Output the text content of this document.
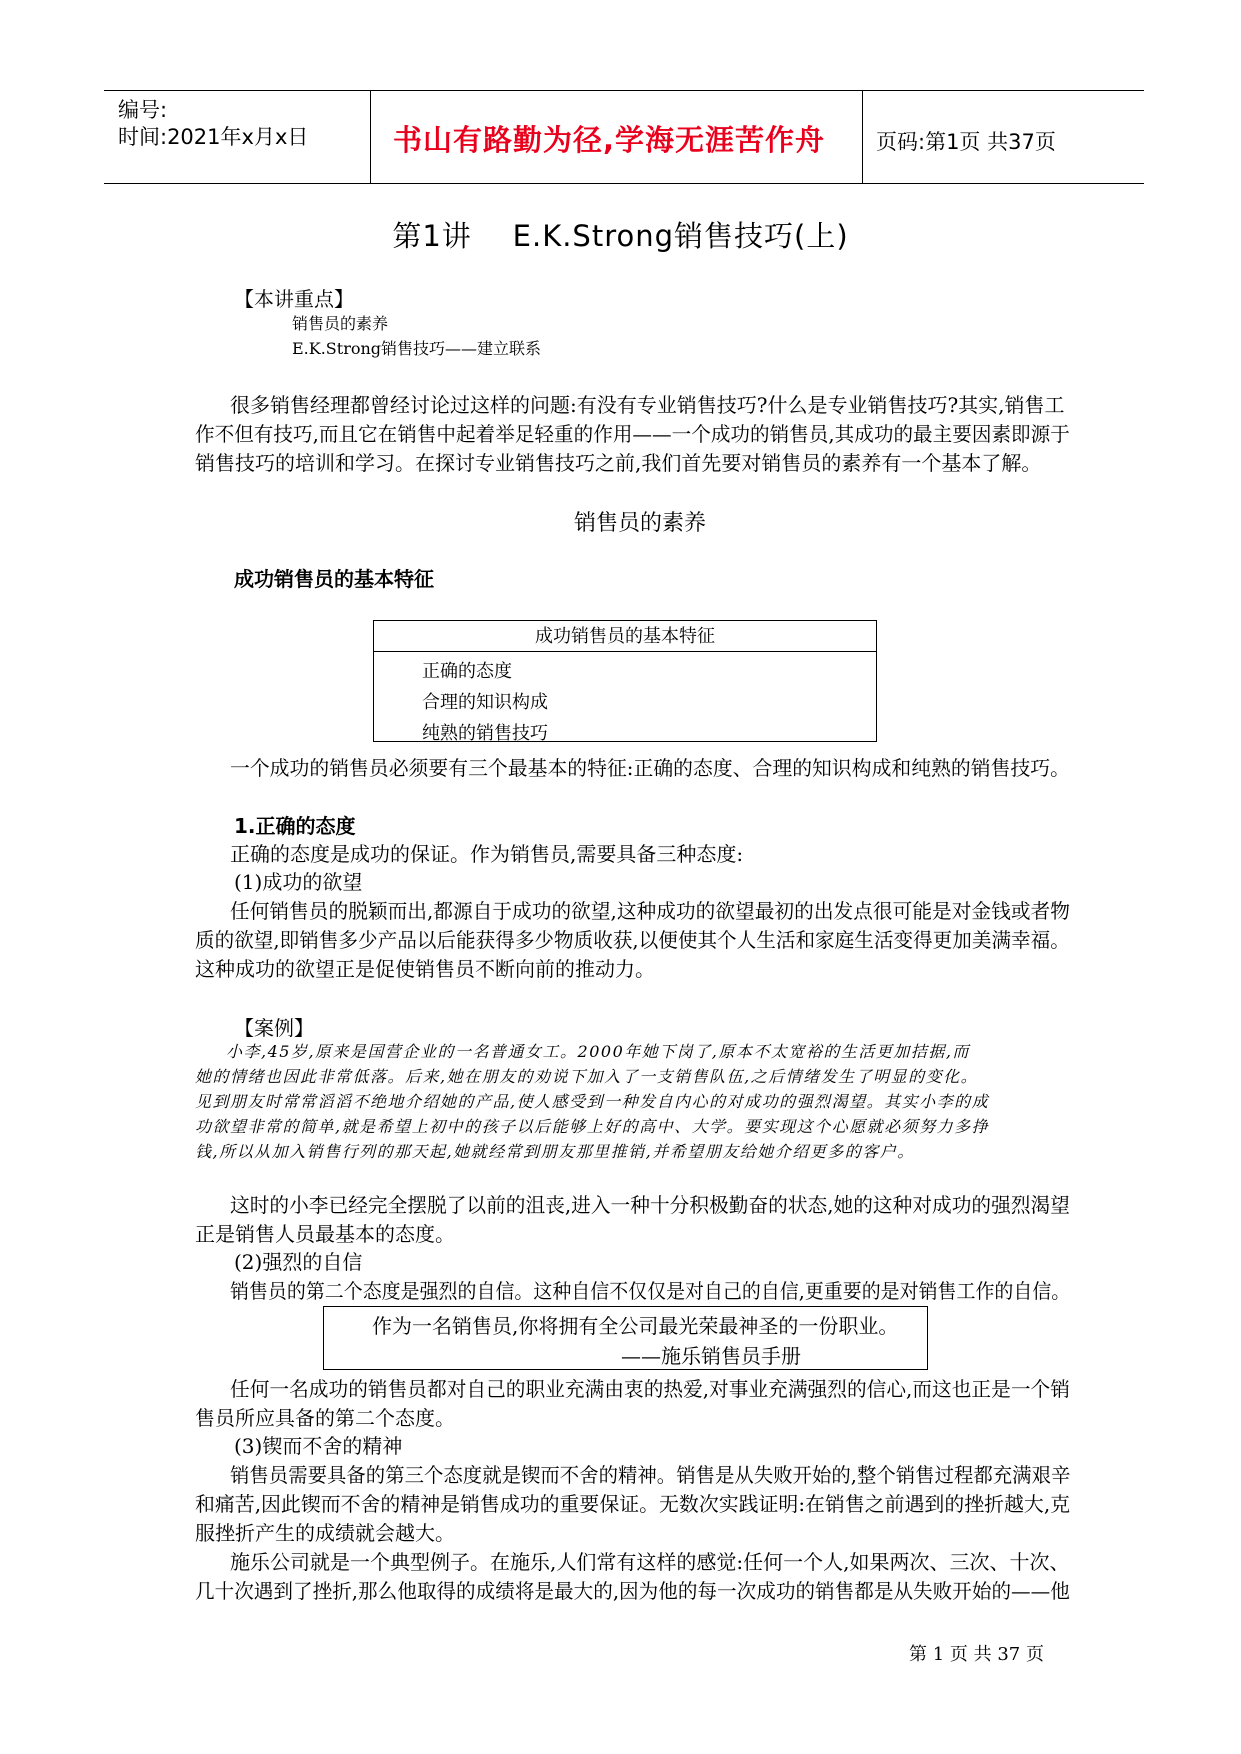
编号:
时间:2021年x月x日	书山有路勤为径,学海无涯苦作舟 页码:第1页 共37页
第1讲    E.K.Strong销售技巧(上)
【本讲重点】
销售员的素养
E.K.Strong销售技巧——建立联系
很多销售经理都曾经讨论过这样的问题:有没有专业销售技巧?什么是专业销售技巧?其实,销售工
作不但有技巧,而且它在销售中起着举足轻重的作用——一个成功的销售员,其成功的最主要因素即源于
销售技巧的培训和学习。在探讨专业销售技巧之前,我们首先要对销售员的素养有一个基本了解。
销售员的素养
成功销售员的基本特征
成功销售员的基本特征
正确的态度
合理的知识构成
纯熟的销售技巧
一个成功的销售员必须要有三个最基本的特征:正确的态度、合理的知识构成和纯熟的销售技巧。
1.正确的态度
正确的态度是成功的保证。作为销售员,需要具备三种态度:
(1)成功的欲望
任何销售员的脱颖而出,都源自于成功的欲望,这种成功的欲望最初的出发点很可能是对金钱或者物
质的欲望,即销售多少产品以后能获得多少物质收获,以便使其个人生活和家庭生活变得更加美满幸福。
这种成功的欲望正是促使销售员不断向前的推动力。
【案例】
小李,45岁,原来是国营企业的一名普通女工。2000年她下岗了,原本不太宽裕的生活更加拮据,而
她的情绪也因此非常低落。后来,她在朋友的劝说下加入了一支销售队伍,之后情绪发生了明显的变化。
见到朋友时常常滔滔不绝地介绍她的产品,使人感受到一种发自内心的对成功的强烈渴望。其实小李的成
功欲望非常的简单,就是希望上初中的孩子以后能够上好的高中、大学。要实现这个心愿就必须努力多挣
钱,所以从加入销售行列的那天起,她就经常到朋友那里推销,并希望朋友给她介绍更多的客户。
这时的小李已经完全摆脱了以前的沮丧,进入一种十分积极勤奋的状态,她的这种对成功的强烈渴望
正是销售人员最基本的态度。
(2)强烈的自信
销售员的第二个态度是强烈的自信。这种自信不仅仅是对自己的自信,更重要的是对销售工作的自信。
作为一名销售员,你将拥有全公司最光荣最神圣的一份职业。
——施乐销售员手册
任何一名成功的销售员都对自己的职业充满由衷的热爱,对事业充满强烈的信心,而这也正是一个销
售员所应具备的第二个态度。
(3)锲而不舍的精神
销售员需要具备的第三个态度就是锲而不舍的精神。销售是从失败开始的,整个销售过程都充满艰辛
和痛苦,因此锲而不舍的精神是销售成功的重要保证。无数次实践证明:在销售之前遇到的挫折越大,克
服挫折产生的成绩就会越大。
施乐公司就是一个典型例子。在施乐,人们常有这样的感觉:任何一个人,如果两次、三次、十次、
几十次遇到了挫折,那么他取得的成绩将是最大的,因为他的每一次成功的销售都是从失败开始的——他
第 1 页 共 37 页
